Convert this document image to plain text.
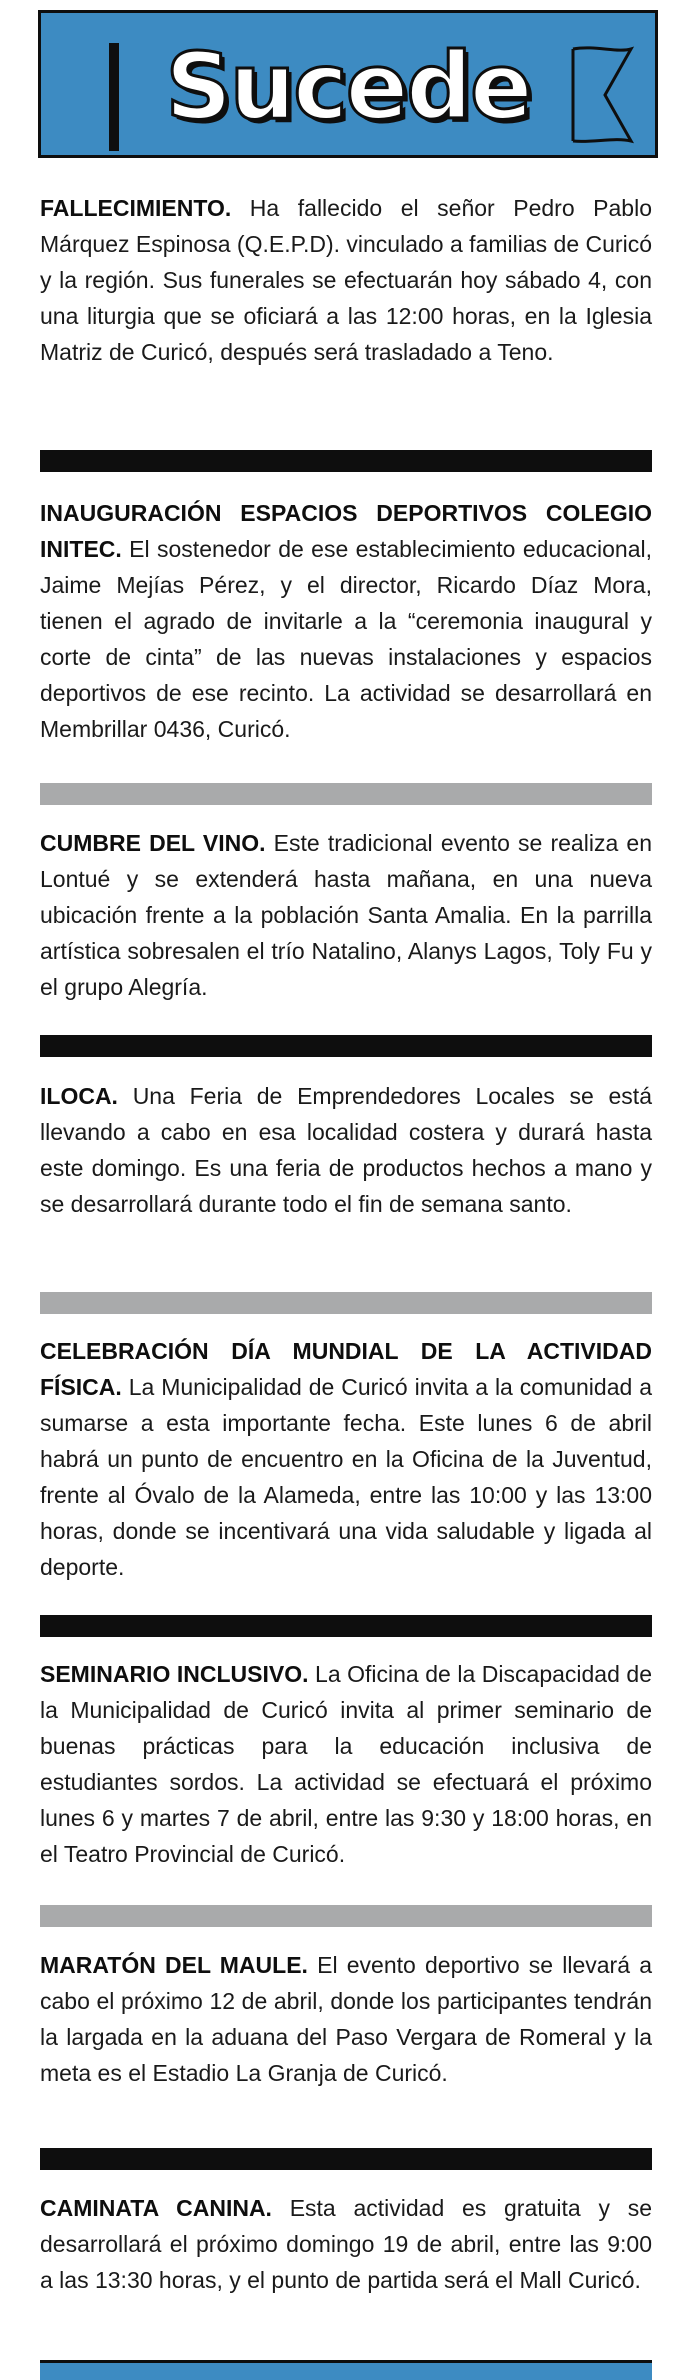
Sucede

FALLECIMIENTO. Ha fallecido el señor Pedro Pablo Márquez Espinosa (Q.E.P.D). vinculado a familias de Curicó y la región. Sus funerales se efectuarán hoy sábado 4, con una liturgia que se oficiará a las 12:00 horas, en la Iglesia Matriz de Curicó, después será trasladado a Teno.

INAUGURACIÓN ESPACIOS DEPORTIVOS COLEGIO INITEC. El sostenedor de ese establecimiento educacional, Jaime Mejías Pérez, y el director, Ricardo Díaz Mora, tienen el agrado de invitarle a la “ceremonia inaugural y corte de cinta” de las nuevas instalaciones y espacios deportivos de ese recinto. La actividad se desarrollará en Membrillar 0436, Curicó.

CUMBRE DEL VINO. Este tradicional evento se realiza en Lontué y se extenderá hasta mañana, en una nueva ubicación frente a la población Santa Amalia. En la parrilla artística sobresalen el trío Natalino, Alanys Lagos, Toly Fu y el grupo Alegría.

ILOCA. Una Feria de Emprendedores Locales se está llevando a cabo en esa localidad costera y durará hasta este domingo. Es una feria de productos hechos a mano y se desarrollará durante todo el fin de semana santo.

CELEBRACIÓN DÍA MUNDIAL DE LA ACTIVIDAD FÍSICA. La Municipalidad de Curicó invita a la comunidad a sumarse a esta importante fecha. Este lunes 6 de abril habrá un punto de encuentro en la Oficina de la Juventud, frente al Óvalo de la Alameda, entre las 10:00 y las 13:00 horas, donde se incentivará una vida saludable y ligada al deporte.

SEMINARIO INCLUSIVO. La Oficina de la Discapacidad de la Municipalidad de Curicó invita al primer seminario de buenas prácticas para la educación inclusiva de estudiantes sordos. La actividad se efectuará el próximo lunes 6 y martes 7 de abril, entre las 9:30 y 18:00 horas, en el Teatro Provincial de Curicó.

MARATÓN DEL MAULE. El evento deportivo se llevará a cabo el próximo 12 de abril, donde los participantes tendrán la largada en la aduana del Paso Vergara de Romeral y la meta es el Estadio La Granja de Curicó.

CAMINATA CANINA. Esta actividad es gratuita y se desarrollará el próximo domingo 19 de abril, entre las 9:00 a las 13:30 horas, y el punto de partida será el Mall Curicó.
